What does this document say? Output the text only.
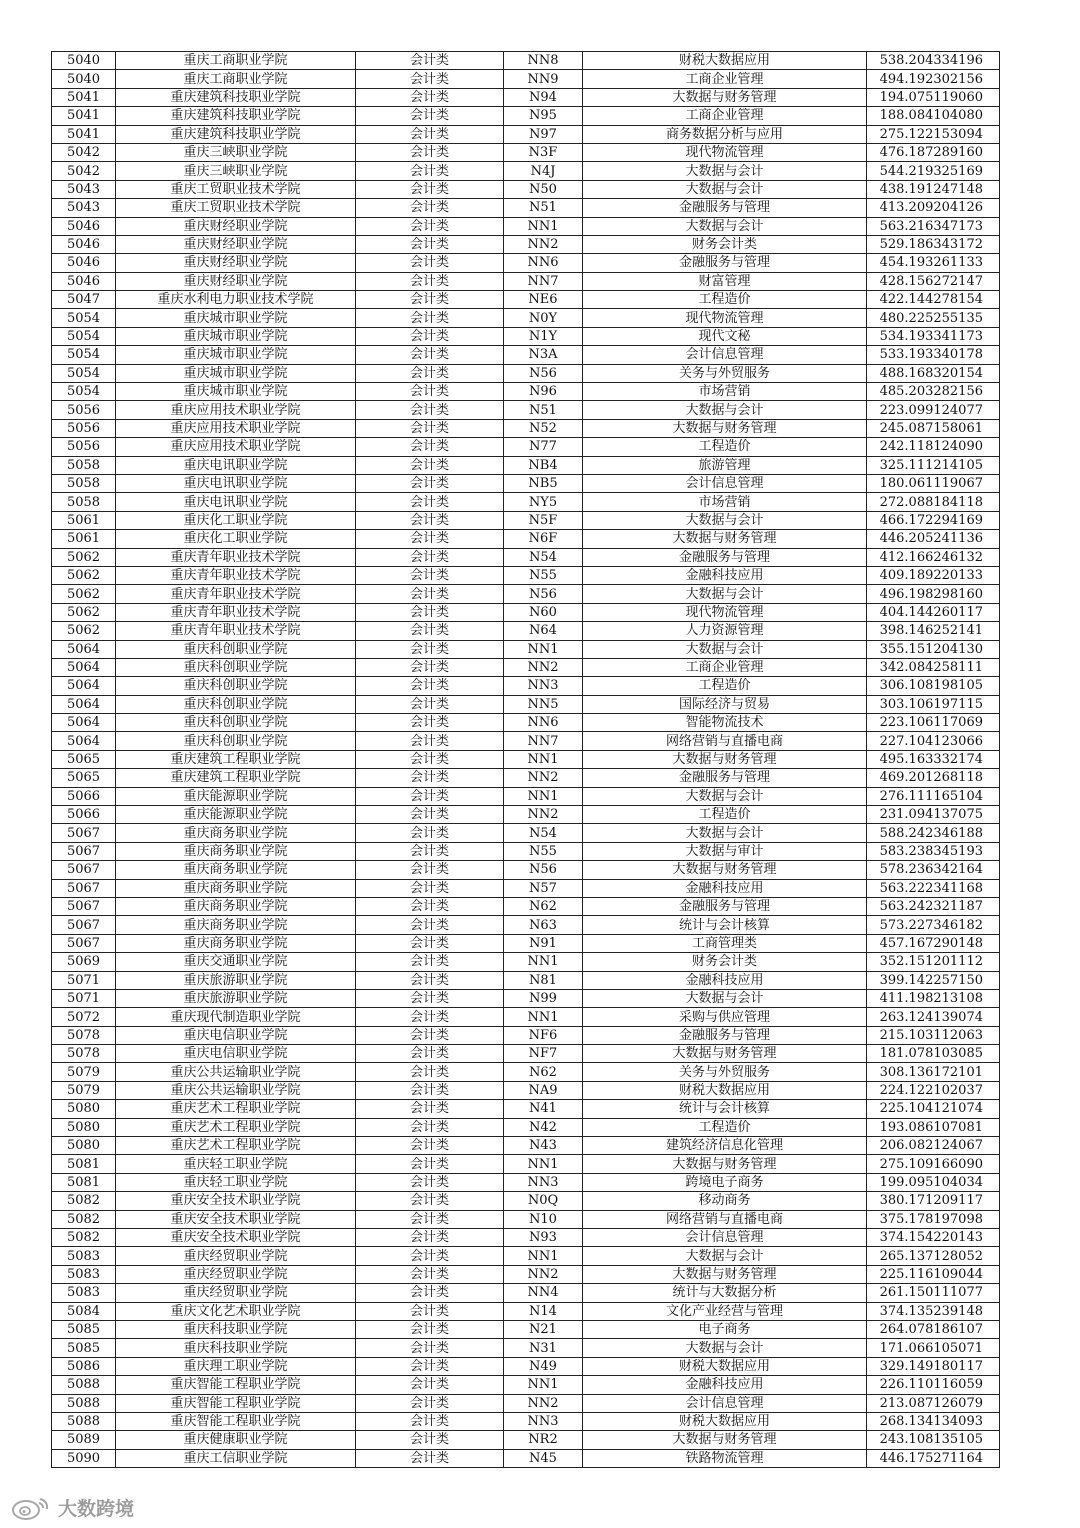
5040	重庆工商职业学院	会计类	NN8	财税大数据应用	538.204334196
5040	重庆工商职业学院	会计类	NN9	工商企业管理	494.192302156
5041	重庆建筑科技职业学院	会计类	N94	大数据与财务管理	194.075119060
5041	重庆建筑科技职业学院	会计类	N95	工商企业管理	188.084104080
5041	重庆建筑科技职业学院	会计类	N97	商务数据分析与应用	275.122153094
5042	重庆三峡职业学院	会计类	N3F	现代物流管理	476.187289160
5042	重庆三峡职业学院	会计类	N4J	大数据与会计	544.219325169
5043	重庆工贸职业技术学院	会计类	N50	大数据与会计	438.191247148
5043	重庆工贸职业技术学院	会计类	N51	金融服务与管理	413.209204126
5046	重庆财经职业学院	会计类	NN1	大数据与会计	563.216347173
5046	重庆财经职业学院	会计类	NN2	财务会计类	529.186343172
5046	重庆财经职业学院	会计类	NN6	金融服务与管理	454.193261133
5046	重庆财经职业学院	会计类	NN7	财富管理	428.156272147
5047	重庆水利电力职业技术学院	会计类	NE6	工程造价	422.144278154
5054	重庆城市职业学院	会计类	N0Y	现代物流管理	480.225255135
5054	重庆城市职业学院	会计类	N1Y	现代文秘	534.193341173
5054	重庆城市职业学院	会计类	N3A	会计信息管理	533.193340178
5054	重庆城市职业学院	会计类	N56	关务与外贸服务	488.168320154
5054	重庆城市职业学院	会计类	N96	市场营销	485.203282156
5056	重庆应用技术职业学院	会计类	N51	大数据与会计	223.099124077
5056	重庆应用技术职业学院	会计类	N52	大数据与财务管理	245.087158061
5056	重庆应用技术职业学院	会计类	N77	工程造价	242.118124090
5058	重庆电讯职业学院	会计类	NB4	旅游管理	325.111214105
5058	重庆电讯职业学院	会计类	NB5	会计信息管理	180.061119067
5058	重庆电讯职业学院	会计类	NY5	市场营销	272.088184118
5061	重庆化工职业学院	会计类	N5F	大数据与会计	466.172294169
5061	重庆化工职业学院	会计类	N6F	大数据与财务管理	446.205241136
5062	重庆青年职业技术学院	会计类	N54	金融服务与管理	412.166246132
5062	重庆青年职业技术学院	会计类	N55	金融科技应用	409.189220133
5062	重庆青年职业技术学院	会计类	N56	大数据与会计	496.198298160
5062	重庆青年职业技术学院	会计类	N60	现代物流管理	404.144260117
5062	重庆青年职业技术学院	会计类	N64	人力资源管理	398.146252141
5064	重庆科创职业学院	会计类	NN1	大数据与会计	355.151204130
5064	重庆科创职业学院	会计类	NN2	工商企业管理	342.084258111
5064	重庆科创职业学院	会计类	NN3	工程造价	306.108198105
5064	重庆科创职业学院	会计类	NN5	国际经济与贸易	303.106197115
5064	重庆科创职业学院	会计类	NN6	智能物流技术	223.106117069
5064	重庆科创职业学院	会计类	NN7	网络营销与直播电商	227.104123066
5065	重庆建筑工程职业学院	会计类	NN1	大数据与财务管理	495.163332174
5065	重庆建筑工程职业学院	会计类	NN2	金融服务与管理	469.201268118
5066	重庆能源职业学院	会计类	NN1	大数据与会计	276.111165104
5066	重庆能源职业学院	会计类	NN2	工程造价	231.094137075
5067	重庆商务职业学院	会计类	N54	大数据与会计	588.242346188
5067	重庆商务职业学院	会计类	N55	大数据与审计	583.238345193
5067	重庆商务职业学院	会计类	N56	大数据与财务管理	578.236342164
5067	重庆商务职业学院	会计类	N57	金融科技应用	563.222341168
5067	重庆商务职业学院	会计类	N62	金融服务与管理	563.242321187
5067	重庆商务职业学院	会计类	N63	统计与会计核算	573.227346182
5067	重庆商务职业学院	会计类	N91	工商管理类	457.167290148
5069	重庆交通职业学院	会计类	NN1	财务会计类	352.151201112
5071	重庆旅游职业学院	会计类	N81	金融科技应用	399.142257150
5071	重庆旅游职业学院	会计类	N99	大数据与会计	411.198213108
5072	重庆现代制造职业学院	会计类	NN1	采购与供应管理	263.124139074
5078	重庆电信职业学院	会计类	NF6	金融服务与管理	215.103112063
5078	重庆电信职业学院	会计类	NF7	大数据与财务管理	181.078103085
5079	重庆公共运输职业学院	会计类	N62	关务与外贸服务	308.136172101
5079	重庆公共运输职业学院	会计类	NA9	财税大数据应用	224.122102037
5080	重庆艺术工程职业学院	会计类	N41	统计与会计核算	225.104121074
5080	重庆艺术工程职业学院	会计类	N42	工程造价	193.086107081
5080	重庆艺术工程职业学院	会计类	N43	建筑经济信息化管理	206.082124067
5081	重庆轻工职业学院	会计类	NN1	大数据与财务管理	275.109166090
5081	重庆轻工职业学院	会计类	NN3	跨境电子商务	199.095104034
5082	重庆安全技术职业学院	会计类	N0Q	移动商务	380.171209117
5082	重庆安全技术职业学院	会计类	N10	网络营销与直播电商	375.178197098
5082	重庆安全技术职业学院	会计类	N93	会计信息管理	374.154220143
5083	重庆经贸职业学院	会计类	NN1	大数据与会计	265.137128052
5083	重庆经贸职业学院	会计类	NN2	大数据与财务管理	225.116109044
5083	重庆经贸职业学院	会计类	NN4	统计与大数据分析	261.150111077
5084	重庆文化艺术职业学院	会计类	N14	文化产业经营与管理	374.135239148
5085	重庆科技职业学院	会计类	N21	电子商务	264.078186107
5085	重庆科技职业学院	会计类	N31	大数据与会计	171.066105071
5086	重庆理工职业学院	会计类	N49	财税大数据应用	329.149180117
5088	重庆智能工程职业学院	会计类	NN1	金融科技应用	226.110116059
5088	重庆智能工程职业学院	会计类	NN2	会计信息管理	213.087126079
5088	重庆智能工程职业学院	会计类	NN3	财税大数据应用	268.134134093
5089	重庆健康职业学院	会计类	NR2	大数据与财务管理	243.108135105
5090	重庆工信职业学院	会计类	N45	铁路物流管理	446.175271164
大数跨境
